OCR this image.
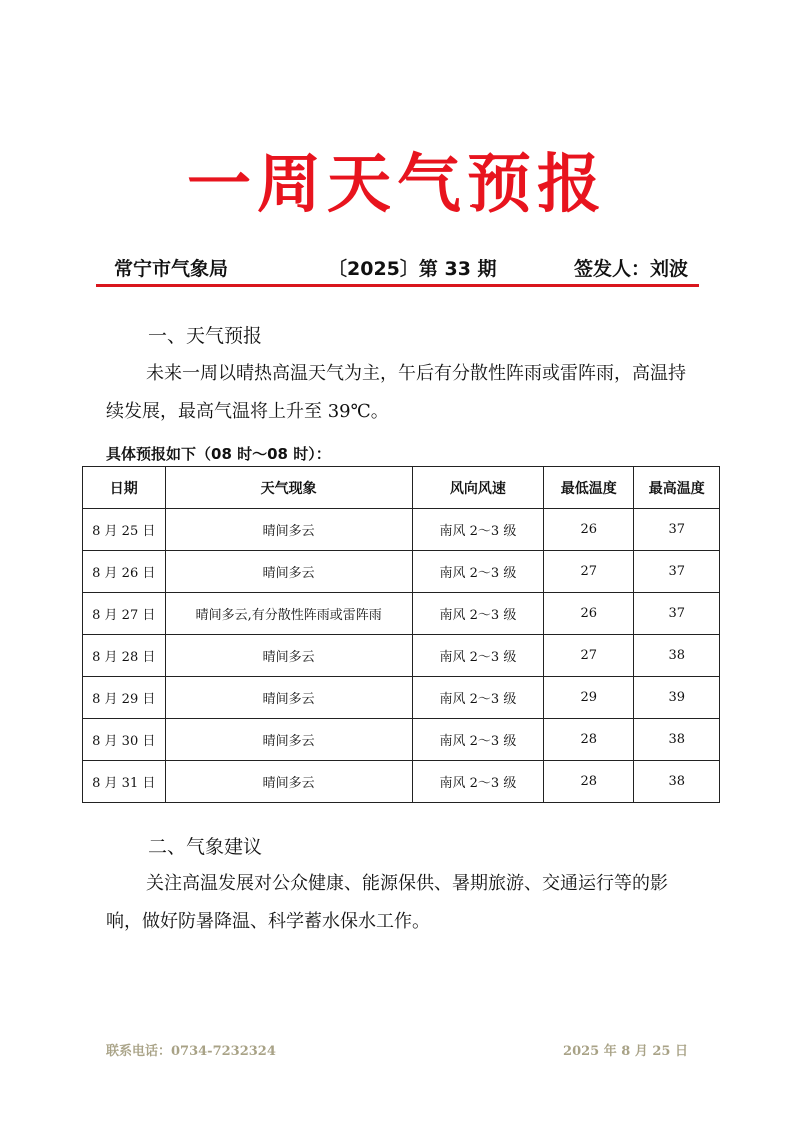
一周天气预报
常宁市气象局	〔2025〕第 33 期	签发人：刘波
一、天气预报

未来一周以晴热高温天气为主，午后有分散性阵雨或雷阵雨，高温持续发展，最高气温将上升至 39℃。

具体预报如下（08 时～08 时）：
日期	天气现象	风向风速	最低温度	最高温度
8 月 25 日	晴间多云	南风 2～3 级	26	37
8 月 26 日	晴间多云	南风 2～3 级	27	37
8 月 27 日	晴间多云,有分散性阵雨或雷阵雨	南风 2～3 级	26	37
8 月 28 日	晴间多云	南风 2～3 级	27	38
8 月 29 日	晴间多云	南风 2～3 级	29	39
8 月 30 日	晴间多云	南风 2～3 级	28	38
8 月 31 日	晴间多云	南风 2～3 级	28	38
二、气象建议

关注高温发展对公众健康、能源保供、暑期旅游、交通运行等的影响，做好防暑降温、科学蓄水保水工作。

联系电话：0734-7232324	2025 年 8 月 25 日
